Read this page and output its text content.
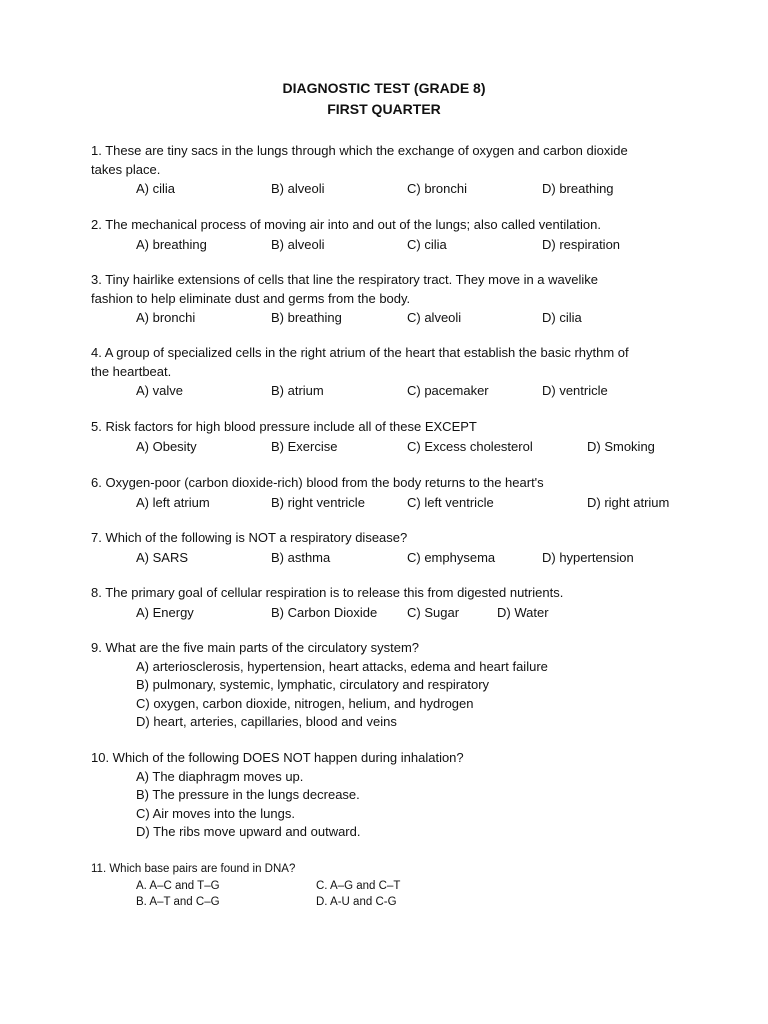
DIAGNOSTIC TEST (GRADE 8)
FIRST QUARTER
1. These are tiny sacs in the lungs through which the exchange of oxygen and carbon dioxide
takes place.
A) cilia	B) alveoli	C) bronchi	D) breathing
2. The mechanical process of moving air into and out of the lungs; also called ventilation.
A) breathing	B) alveoli	C) cilia	D) respiration
3. Tiny hairlike extensions of cells that line the respiratory tract. They move in a wavelike
fashion to help eliminate dust and germs from the body.
A) bronchi	B) breathing	C) alveoli	D) cilia
4. A group of specialized cells in the right atrium of the heart that establish the basic rhythm of
the heartbeat.
A) valve	B) atrium	C) pacemaker	D) ventricle
5. Risk factors for high blood pressure include all of these EXCEPT
A) Obesity	B) Exercise	C) Excess cholesterol	D) Smoking
6. Oxygen-poor (carbon dioxide-rich) blood from the body returns to the heart's
A) left atrium	B) right ventricle	C) left ventricle	D) right atrium
7. Which of the following is NOT a respiratory disease?
A) SARS	B) asthma	C) emphysema	D) hypertension
8. The primary goal of cellular respiration is to release this from digested nutrients.
A) Energy	B) Carbon Dioxide C) Sugar	D) Water
9. What are the five main parts of the circulatory system?
A) arteriosclerosis, hypertension, heart attacks, edema and heart failure
B) pulmonary, systemic, lymphatic, circulatory and respiratory
C) oxygen, carbon dioxide, nitrogen, helium, and hydrogen
D) heart, arteries, capillaries, blood and veins
10. Which of the following DOES NOT happen during inhalation?
A) The diaphragm moves up.
B) The pressure in the lungs decrease.
C) Air moves into the lungs.
D) The ribs move upward and outward.
11. Which base pairs are found in DNA?
A. A–C and T–G	C. A–G and C–T
B. A–T and C–G	D. A-U and C-G
